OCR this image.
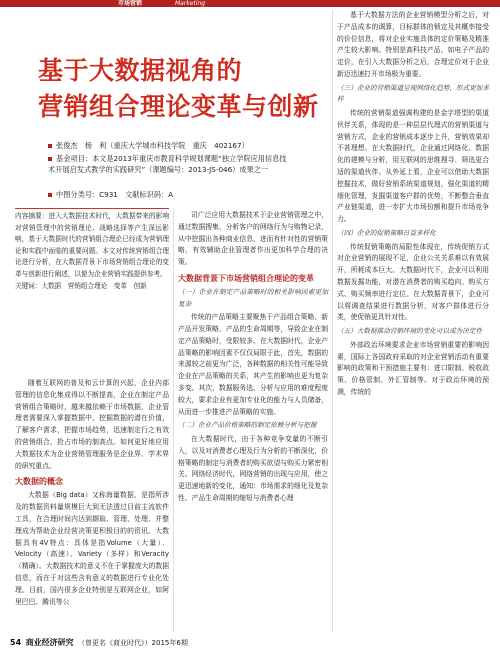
市场营销	Marketing
基于大数据视角的
营销组合理论变革与创新
张俊杰　杨　利（重庆大学城市科技学院　重庆　402167）
基金项目：本文是2013年重庆市教育科学规划课题“独立学院应用信息技术开展启发式教学的实践研究”（课题编号：2013-JS-046）成果之一
中图分类号：C931　文献标识码：A
内容摘要：进入大数据技术时代，大数据带来的影响对营销管理中的营销理论、战略选择等产生深远影响，基于大数据时代的营销组合理论已经成为营销理论和实践中面临的重要问题。本文对传统营销组合理论进行分析，在大数据背景下市场营销组合理论的变革与创新进行阐述，以便为企业营销实践提供参考。
关键词：大数据　营销组合理论　变革　创新

随着互联网的普及和云计算的兴起，企业内部管理的信息化集成得以不断提高，企业在制定产品营销组合策略时，越来越依赖于市场数据，企业管理者需要深入掌握数据中，挖掘数据的潜在价值，了解客户需求，把握市场趋势，迅速制定行之有效的营销组合，抢占市场的制高点。如何更好地应用大数据技术为企业营销管理服务是企业界、学术界的研究重点。

大数据的概念

大数据（Big data）又称海量数据，是指所涉及的数据资料量规模巨大到无法透过目前主流软件工具，在合理时间内达到撷取、管理、处理、并整理成为帮助企业经营决策更积极目的的资讯。大数据具有4V特点：具体是指Volume（大量）、Velocity（高速）、Variety（多样）和Veracity（精确）。大数据技术的意义不在于掌握庞大的数据信息，而在于对这些含有意义的数据进行专业化处理。目前，国内很多企业特别是互联网企业，如阿里巴巴、腾讯等公

司广泛应用大数据技术于企业营销管理之中，通过数据搜集、分析客户的网络行为与购物记录，从中挖掘出各种商业信息，进而有针对性的营销策略，有效辅助企业管理者作出更加科学合理的决策。

大数据背景下市场营销组合理论的变革
（一）企业在制定产品策略时的相关影响因素更加复杂

传统的产品策略主要聚焦于产品组合策略、新产品开发策略、产品的生命周期等，导致企业在制定产品策略时，受限较多。在大数据时代，企业产品策略的影响因素不仅仅局限于此，首先，数据的来源较之前更为广泛，各种数据的相关性可能导致企业在产品策略的关系，其产生的影响也更为复杂多变。其次，数据服务选、分析与应用的难度程度较大，要求企业有更加专业化的能力与人员储备，从而进一步推进产品策略的实施。

（二）企业产品价格策略的制定依赖分析与把握

在大数据时代，由于各种竞争变量的不断引入，以及对消费者心理及行为分析的不断深化，价格策略的制定与消费者的购买欲望与购买力紧密相关。网络经济时代，网络营销的出现与应用，使之更迅速地新的变化，通知：市场需求的细化及复杂性、产品生命周期的缩短与消费者心理

基于大数据方法的企业营销模型分析之后，对于产品成本的调算，目标群体的锁定及其概率接受的价位信息，将对企业实施具体的定价策略及精准产生较大影响。特别是高科技产品，如电子产品的定价，在引入大数据分析之后，合理定价对于企业新迈迅速打开市场极为重要。

（三）企业的营销渠道呈现网络化趋势，形式更加多样

传统的营销渠道强调构建的是金字塔型的渠道伙伴关系，体现的是一种层层代理式的营销渠道与营销方式，企业的营销成本逐步上升，营销效果却不甚理想。在大数据时代，企业通过网络化、数据化的建模与分析，用互联网的思维搜寻、筛选更合适的渠道伙伴。从外延上看，企业可以借助大数据挖掘技术，做好营销系统渠道规划，强化渠道的精细化管理，发掘渠道客户群的优势，不断整合垂直产业链渠道，进一步扩大市场份额和提升市场竞争力。

（四）企业的促销策略日益多样化

传统促销策略的局限性体现在，传统促销方式对企业营销的展现不足，企业公关关系难以有效展开，所耗成本巨大。大数据时代下，企业可以利用数据发掘功能，对潜在消费者的购买趋向、购买方式、购买频率进行定位。在大数据背景下，企业可以将调查结果进行数据分析，对客户群体进行分类，使促销更具针对性。

（五）大数据推动营销环境的变化可以成为决定性

外部政治环境要求企业市场营销重要的影响因素，国际上各国政府采取的对企业营销活动有重要影响的政策和干预措施主要有：进口限制、税收政策、价格管制、外汇管制等。对于政治环境的预测，传统的

54 商业经济研究 （曾更名《商业时代》）2015年6期
